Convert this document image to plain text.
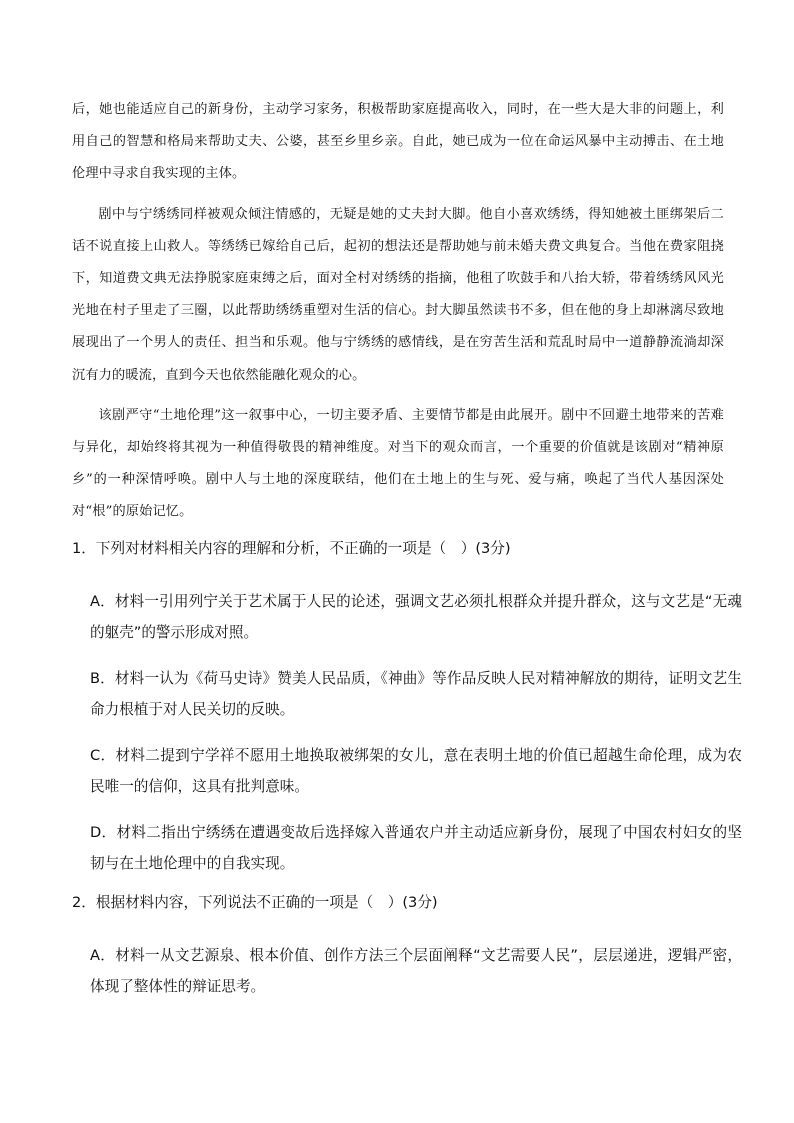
后，她也能适应自己的新身份，主动学习家务，积极帮助家庭提高收入，同时，在一些大是大非的问题上，利用自己的智慧和格局来帮助丈夫、公婆，甚至乡里乡亲。自此，她已成为一位在命运风暴中主动搏击、在土地伦理中寻求自我实现的主体。

剧中与宁绣绣同样被观众倾注情感的，无疑是她的丈夫封大脚。他自小喜欢绣绣，得知她被土匪绑架后二话不说直接上山救人。等绣绣已嫁给自己后，起初的想法还是帮助她与前未婚夫费文典复合。当他在费家阻挠下，知道费文典无法挣脱家庭束缚之后，面对全村对绣绣的指摘，他租了吹鼓手和八抬大轿，带着绣绣风风光光地在村子里走了三圈，以此帮助绣绣重塑对生活的信心。封大脚虽然读书不多，但在他的身上却淋漓尽致地展现出了一个男人的责任、担当和乐观。他与宁绣绣的感情线，是在穷苦生活和荒乱时局中一道静静流淌却深沉有力的暖流，直到今天也依然能融化观众的心。

该剧严守“土地伦理”这一叙事中心，一切主要矛盾、主要情节都是由此展开。剧中不回避土地带来的苦难与异化，却始终将其视为一种值得敬畏的精神维度。对当下的观众而言，一个重要的价值就是该剧对“精神原乡”的一种深情呼唤。剧中人与土地的深度联结，他们在土地上的生与死、爱与痛，唤起了当代人基因深处对“根”的原始记忆。

1．下列对材料相关内容的理解和分析，不正确的一项是（　）(3分)

A．材料一引用列宁关于艺术属于人民的论述，强调文艺必须扎根群众并提升群众，这与文艺是“无魂的躯壳”的警示形成对照。

B．材料一认为《荷马史诗》赞美人民品质，《神曲》等作品反映人民对精神解放的期待，证明文艺生命力根植于对人民关切的反映。

C．材料二提到宁学祥不愿用土地换取被绑架的女儿，意在表明土地的价值已超越生命伦理，成为农民唯一的信仰，这具有批判意味。

D．材料二指出宁绣绣在遭遇变故后选择嫁入普通农户并主动适应新身份，展现了中国农村妇女的坚韧与在土地伦理中的自我实现。

2．根据材料内容，下列说法不正确的一项是（　）(3分)

A．材料一从文艺源泉、根本价值、创作方法三个层面阐释“文艺需要人民”，层层递进，逻辑严密，体现了整体性的辩证思考。
